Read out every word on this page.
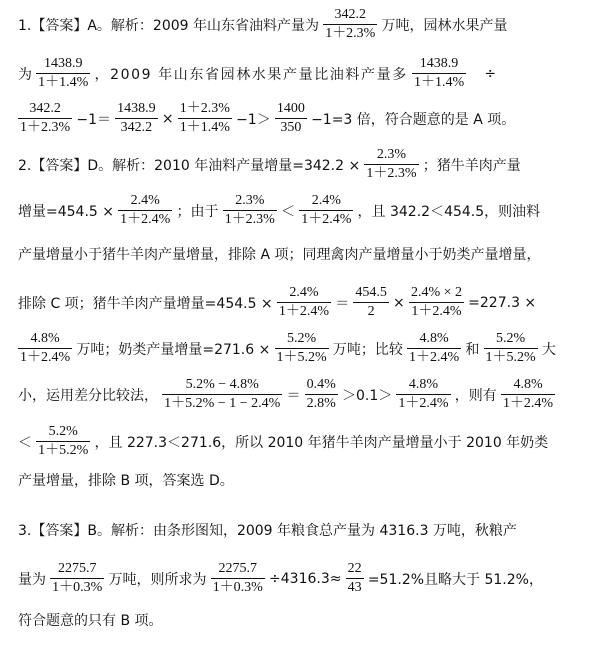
1.【答案】A。解析：2009 年山东省油料产量为 $\frac{342.2}{1+2.3\%}$ 万吨，园林水果产量
为 $\frac{1438.9}{1+1.4\%}$ ，2009 年山东省园林水果产量比油料产量多 $\frac{1438.9}{1+1.4\%}$ ÷
$\frac{342.2}{1+2.3\%} -1= \frac{1438.9}{342.2} \times \frac{1+2.3\%}{1+1.4\%} -1> \frac{1400}{350} -1=3$ 倍，符合题意的是 A 项。
2.【答案】D。解析：2010 年油料产量增量$=342.2 \times \frac{2.3\%}{1+2.3\%}$ ；猪牛羊肉产量
增量$=454.5 \times \frac{2.4\%}{1+2.4\%}$ ；由于 $\frac{2.3\%}{1+2.3\%} < \frac{2.4\%}{1+2.4\%}$ ，且 342.2＜454.5，则油料
产量增量小于猪牛羊肉产量增量，排除 A 项；同理禽肉产量增量小于奶类产量增量，
排除 C 项；猪牛羊肉产量增量$=454.5 \times \frac{2.4\%}{1+2.4\%} = \frac{454.5}{2} \times \frac{2.4\% \times 2}{1+2.4\%} =227.3$ ×
$\frac{4.8\%}{1+2.4\%}$ 万吨；奶类产量增量$=271.6 \times \frac{5.2\%}{1+5.2\%}$ 万吨；比较 $\frac{4.8\%}{1+2.4\%}$ 和 $\frac{5.2\%}{1+5.2\%}$ 大
小，运用差分比较法， $\frac{5.2\% - 4.8\%}{1+5.2\% - 1 - 2.4\%} = \frac{0.4\%}{2.8\%} >0.1> \frac{4.8\%}{1+2.4\%}$ ，则有 $\frac{4.8\%}{1+2.4\%}$
＜ $\frac{5.2\%}{1+5.2\%}$ ，且 227.3＜271.6，所以 2010 年猪牛羊肉产量增量小于 2010 年奶类
产量增量，排除 B 项，答案选 D。
3.【答案】B。解析：由条形图知，2009 年粮食总产量为 4316.3 万吨，秋粮产
量为 $\frac{2275.7}{1+0.3\%}$ 万吨，则所求为 $\frac{2275.7}{1+0.3\%} \div 4316.3\approx \frac{22}{43} =51.2\%$且略大于 51.2%，
符合题意的只有 B 项。
